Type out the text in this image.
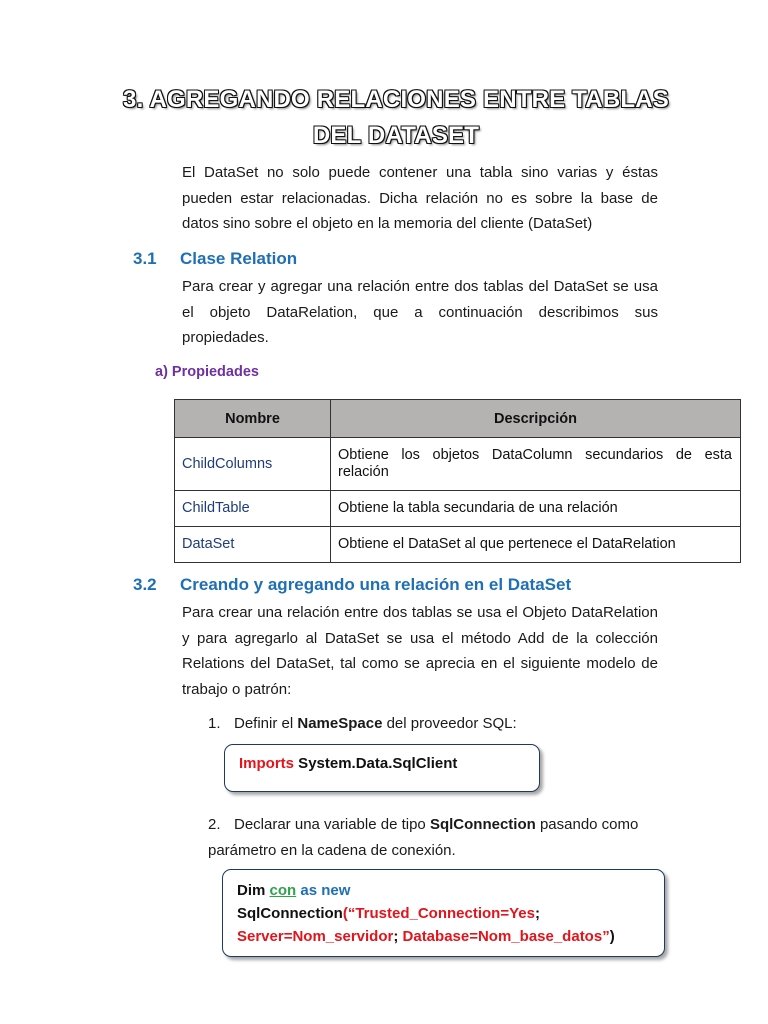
3. AGREGANDO RELACIONES ENTRE TABLAS
DEL DATASET
El DataSet no solo puede contener una tabla sino varias y éstas pueden estar relacionadas. Dicha relación no es sobre la base de datos sino sobre el objeto en la memoria del cliente (DataSet)
3.1 Clase Relation
Para crear y agregar una relación entre dos tablas del DataSet se usa el objeto DataRelation, que a continuación describimos sus propiedades.
a) Propiedades
Nombre	Descripción
ChildColumns	Obtiene los objetos DataColumn secundarios de esta relación
ChildTable	Obtiene la tabla secundaria de una relación
DataSet	Obtiene el DataSet al que pertenece el DataRelation
3.2 Creando y agregando una relación en el DataSet
Para crear una relación entre dos tablas se usa el Objeto DataRelation y para agregarlo al DataSet se usa el método Add de la colección Relations del DataSet, tal como se aprecia en el siguiente modelo de trabajo o patrón:
1. Definir el NameSpace del proveedor SQL:
Imports System.Data.SqlClient
2. Declarar una variable de tipo SqlConnection pasando como parámetro en la cadena de conexión.
Dim con as new
SqlConnection(“Trusted_Connection=Yes;
Server=Nom_servidor; Database=Nom_base_datos”)
